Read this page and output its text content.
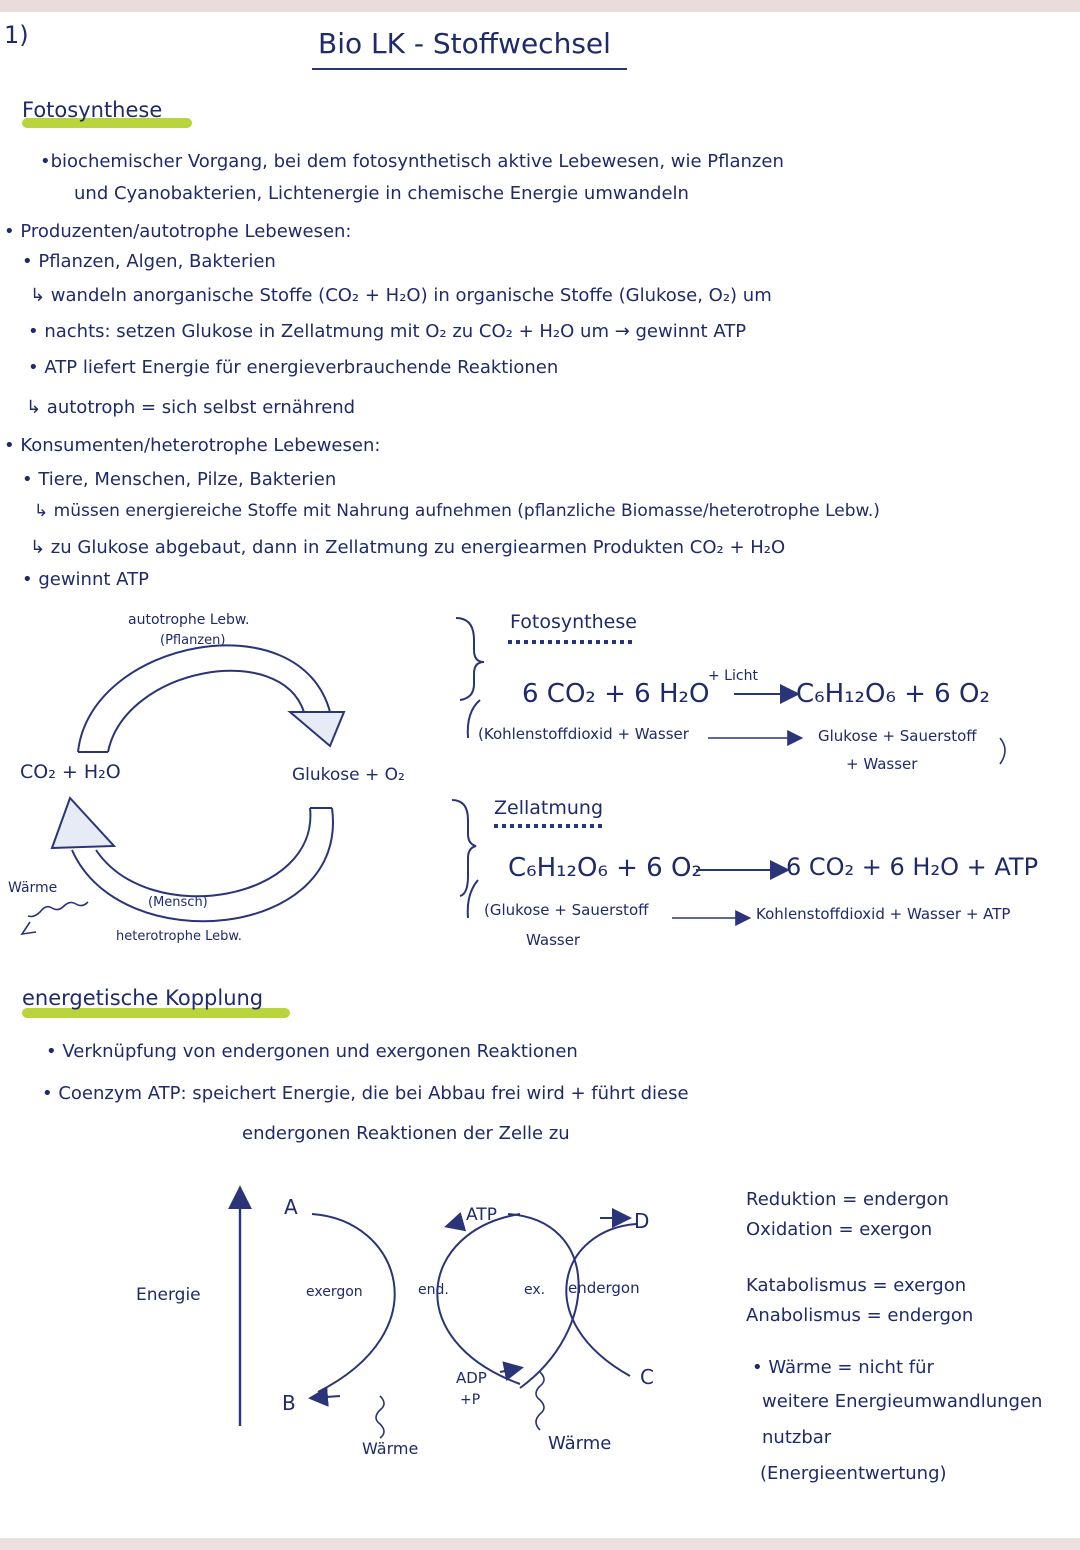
1)	Bio LK - Stoffwechsel
Fotosynthese
•biochemischer Vorgang, bei dem fotosynthetisch aktive Lebewesen, wie Pflanzen
und Cyanobakterien, Lichtenergie in chemische Energie umwandeln
• Produzenten/autotrophe Lebewesen:
• Pflanzen, Algen, Bakterien
↳ wandeln anorganische Stoffe (CO₂ + H₂O) in organische Stoffe (Glukose, O₂) um
• nachts: setzen Glukose in Zellatmung mit O₂ zu CO₂ + H₂O um → gewinnt ATP
• ATP liefert Energie für energieverbrauchende Reaktionen
↳ autotroph = sich selbst ernährend
• Konsumenten/heterotrophe Lebewesen:
• Tiere, Menschen, Pilze, Bakterien
↳ müssen energiereiche Stoffe mit Nahrung aufnehmen (pflanzliche Biomasse/heterotrophe Lebw.)
↳ zu Glukose abgebaut, dann in Zellatmung zu energiearmen Produkten CO₂ + H₂O
• gewinnt ATP
autotrophe Lebw.
(Pflanzen)
CO₂ + H₂O	Glukose + O₂
(Mensch)
heterotrophe Lebw.
Wärme
Fotosynthese
+ Licht
6 CO₂ + 6 H₂O	C₆H₁₂O₆ + 6 O₂
(Kohlenstoffdioxid + Wasser	Glukose + Sauerstoff
+ Wasser
Zellatmung
C₆H₁₂O₆ + 6 O₂	6 CO₂ + 6 H₂O + ATP
(Glukose + Sauerstoff
Wasser
Kohlenstoffdioxid + Wasser + ATP
energetische Kopplung
• Verknüpfung von endergonen und exergonen Reaktionen
• Coenzym ATP: speichert Energie, die bei Abbau frei wird + führt diese
endergonen Reaktionen der Zelle zu
Energie
A
B
C
D
ATP
ADP
+P
exergon	end.	ex. endergon
Wärme	Wärme
Reduktion = endergon
Oxidation = exergon
Katabolismus = exergon
Anabolismus = endergon
• Wärme = nicht für
weitere Energieumwandlungen
nutzbar
(Energieentwertung)
